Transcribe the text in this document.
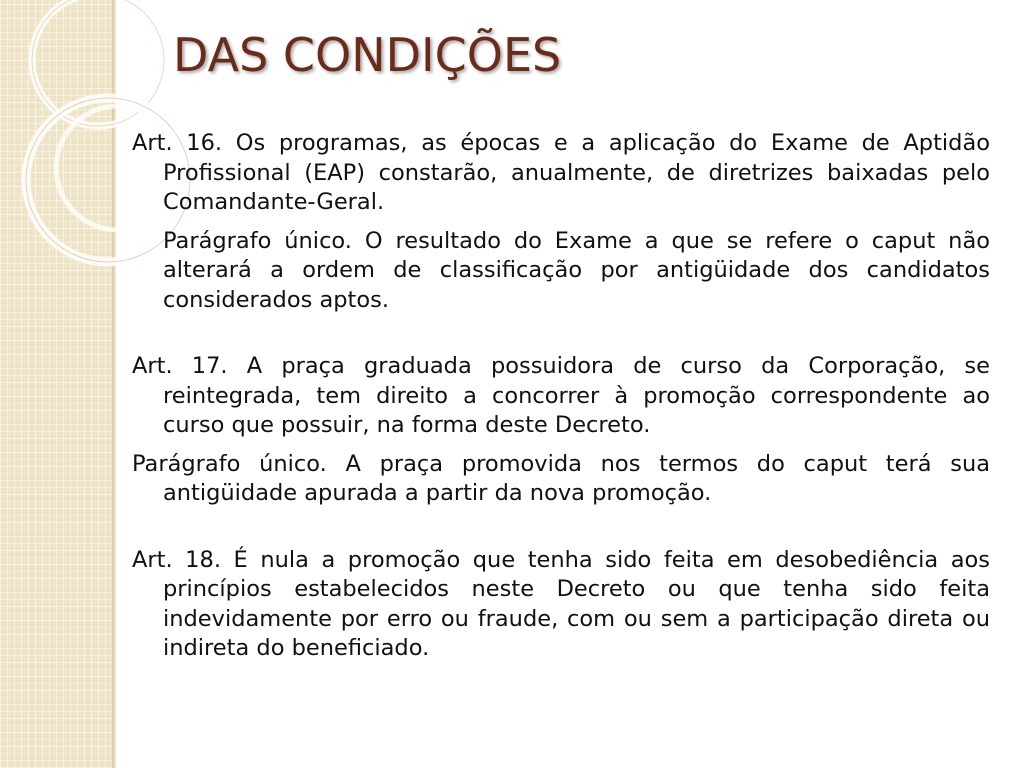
DAS CONDIÇÕES

Art. 16. Os programas, as épocas e a aplicação do Exame de Aptidão Profissional (EAP) constarão, anualmente, de diretrizes baixadas pelo Comandante-Geral.

Parágrafo único. O resultado do Exame a que se refere o caput não alterará a ordem de classificação por antigüidade dos candidatos considerados aptos.

Art. 17. A praça graduada possuidora de curso da Corporação, se reintegrada, tem direito a concorrer à promoção correspondente ao curso que possuir, na forma deste Decreto.

Parágrafo único. A praça promovida nos termos do caput terá sua antigüidade apurada a partir da nova promoção.

Art. 18. É nula a promoção que tenha sido feita em desobediência aos princípios estabelecidos neste Decreto ou que tenha sido feita indevidamente por erro ou fraude, com ou sem a participação direta ou indireta do beneficiado.
